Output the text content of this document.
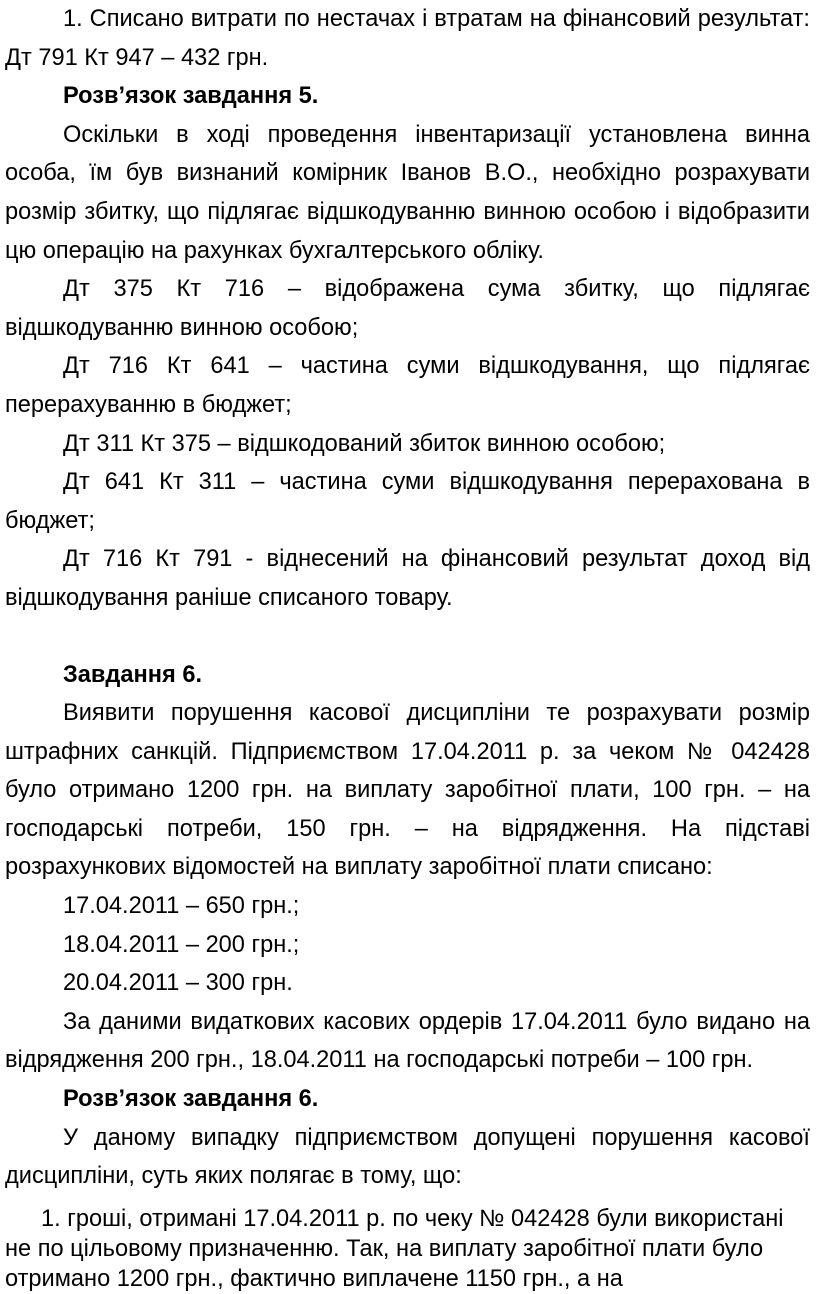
1. Списано витрати по нестачах і втратам на фінансовий результат: Дт 791 Кт 947 – 432 грн.

Розв’язок завдання 5.

Оскільки в ході проведення інвентаризації установлена винна особа, їм був визнаний комірник Іванов В.О., необхідно розрахувати розмір збитку, що підлягає відшкодуванню винною особою і відобразити цю операцію на рахунках бухгалтерського обліку.

Дт 375 Кт 716 – відображена сума збитку, що підлягає відшкодуванню винною особою;

Дт 716 Кт 641 – частина суми відшкодування, що підлягає перерахуванню в бюджет;

Дт 311 Кт 375 – відшкодований збиток винною особою;

Дт 641 Кт 311 – частина суми відшкодування перерахована в бюджет;

Дт 716 Кт 791 - віднесений на фінансовий результат доход від відшкодування раніше списаного товару.

Завдання 6.

Виявити порушення касової дисципліни те розрахувати розмір штрафних санкцій. Підприємством 17.04.2011 р. за чеком № 042428 було отримано 1200 грн. на виплату заробітної плати, 100 грн. – на господарські потреби, 150 грн. – на відрядження. На підставі розрахункових відомостей на виплату заробітної плати списано:

17.04.2011 – 650 грн.;

18.04.2011 – 200 грн.;

20.04.2011 – 300 грн.

За даними видаткових касових ордерів 17.04.2011 було видано на відрядження 200 грн., 18.04.2011 на господарські потреби – 100 грн.

Розв’язок завдання 6.

У даному випадку підприємством допущені порушення касової дисципліни, суть яких полягає в тому, що:

1. гроші, отримані 17.04.2011 р. по чеку № 042428 були використані не по цільовому призначенню. Так, на виплату заробітної плати було отримано 1200 грн., фактично виплачене 1150 грн., а на
